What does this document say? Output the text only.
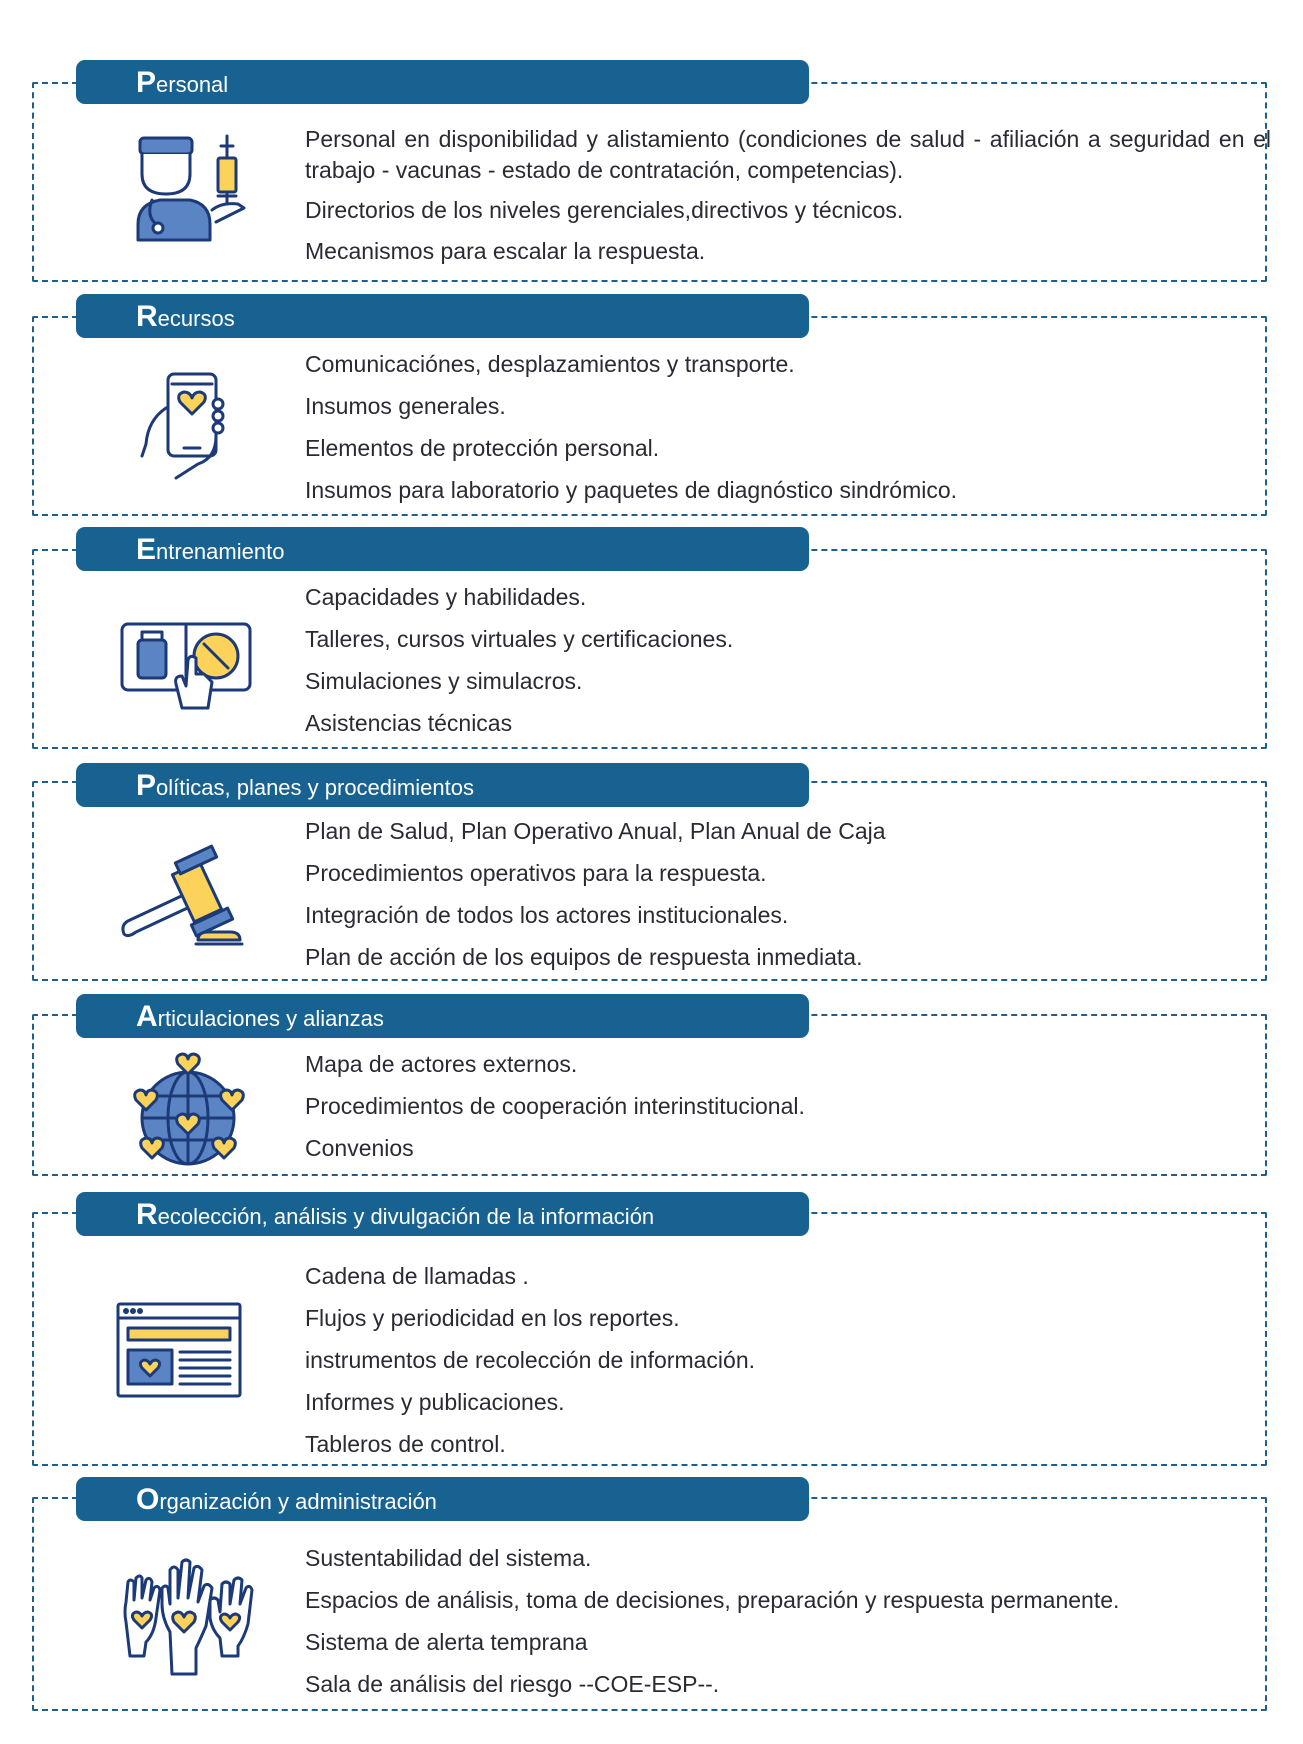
Personal
Personal en disponibilidad y alistamiento (condiciones de salud - afiliación a seguridad en el trabajo - vacunas - estado de contratación, competencias).
Directorios de los niveles gerenciales,directivos y técnicos.
Mecanismos para escalar la respuesta.
Recursos
Comunicaciónes, desplazamientos y transporte.
Insumos generales.
Elementos de protección personal.
Insumos para laboratorio y paquetes de diagnóstico sindrómico.
Entrenamiento
Capacidades y habilidades.
Talleres, cursos virtuales y certificaciones.
Simulaciones y simulacros.
Asistencias técnicas
Políticas, planes y procedimientos
Plan de Salud, Plan Operativo Anual, Plan Anual de Caja
Procedimientos operativos para la respuesta.
Integración de todos los actores institucionales.
Plan de acción de los equipos de respuesta inmediata.
Articulaciones y alianzas
Mapa de actores externos.
Procedimientos de cooperación interinstitucional.
Convenios
Recolección, análisis y divulgación de la información
Cadena de llamadas .
Flujos y periodicidad en los reportes.
instrumentos de recolección de información.
Informes y publicaciones.
Tableros de control.
Organización y administración
Sustentabilidad del sistema.
Espacios de análisis, toma de decisiones, preparación y respuesta permanente.
Sistema de alerta temprana
Sala de análisis del riesgo --COE-ESP--.
